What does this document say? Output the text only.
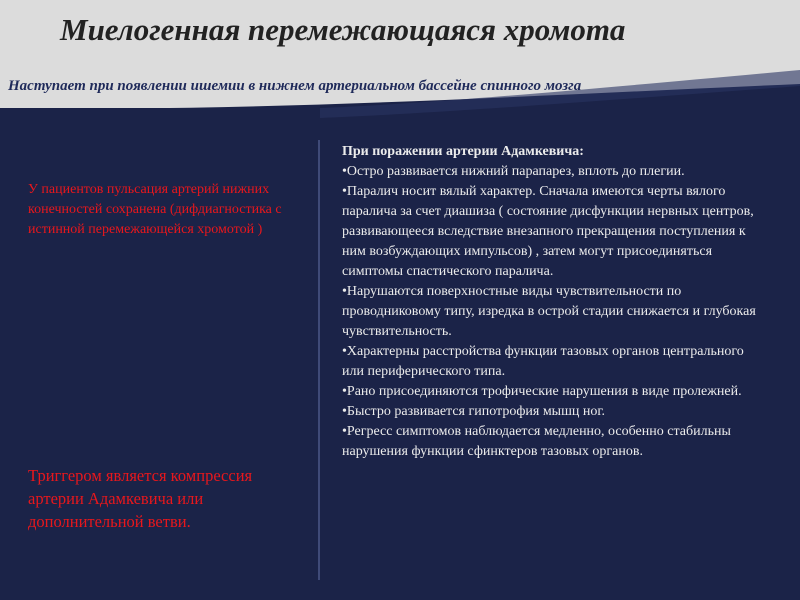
Миелогенная перемежающаяся хромота

Наступает при появлении ишемии в нижнем артериальном бассейне спинного мозга

У пациентов пульсация артерий нижних конечностей сохранена (дифдиагностика с истинной перемежающейся хромотой )

Триггером является компрессия артерии Адамкевича или дополнительной ветви.

При поражении артерии Адамкевича:

•Остро развивается нижний парапарез, вплоть до плегии.
•Паралич носит вялый характер. Сначала имеются черты вялого паралича за счет диашиза ( состояние дисфункции нервных центров, развивающееся вследствие внезапного прекращения поступления к ним возбуждающих импульсов) , затем могут присоединяться симптомы спастического паралича.
•Нарушаются поверхностные виды чувствительности по проводниковому типу, изредка в острой стадии снижается и глубокая чувствительность.
•Характерны расстройства функции тазовых органов центрального или периферического типа.
•Рано присоединяются трофические нарушения в виде пролежней.
•Быстро развивается гипотрофия мышц ног.
•Регресс симптомов наблюдается медленно, особенно стабильны нарушения функции сфинктеров тазовых органов.
